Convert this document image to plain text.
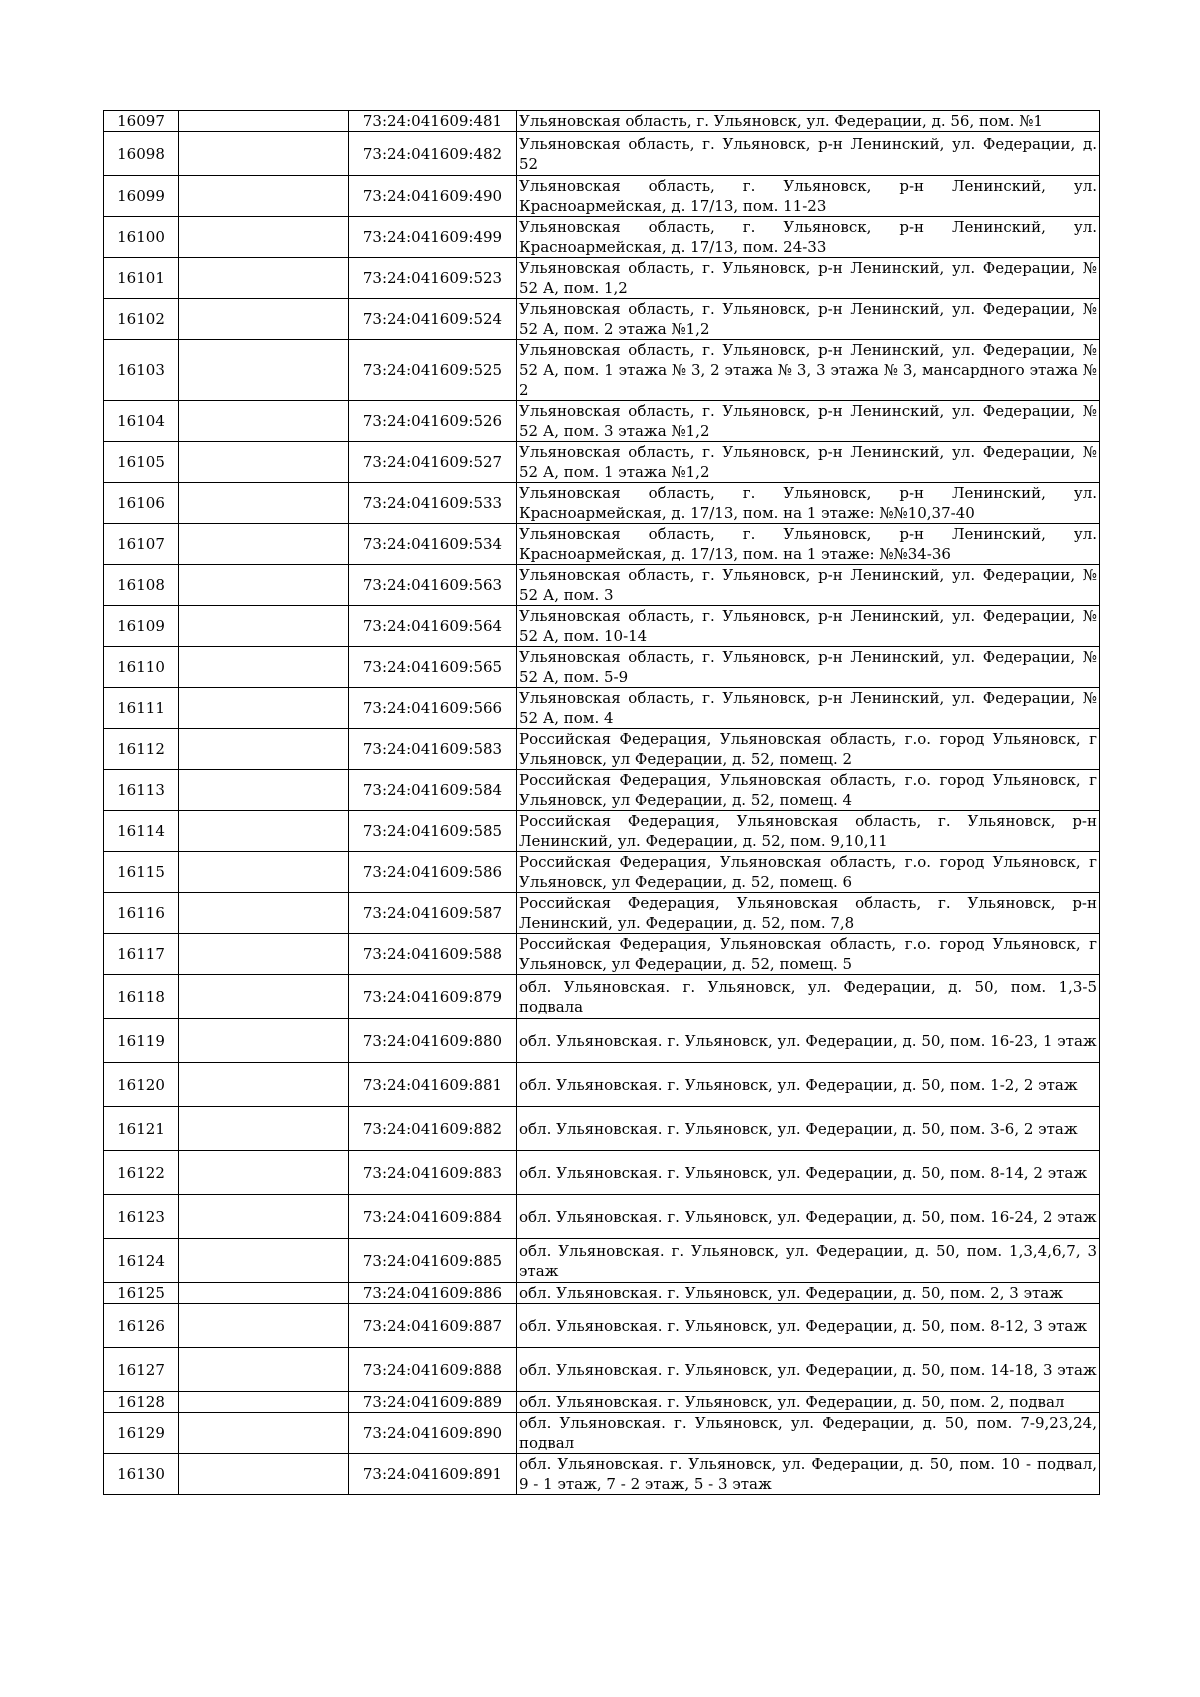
16097		73:24:041609:481	Ульяновская область, г. Ульяновск, ул. Федерации, д. 56, пом. №1
16098		73:24:041609:482	Ульяновская область, г. Ульяновск, р-н Ленинский, ул. Федерации, д. 52
16099		73:24:041609:490	Ульяновская область, г. Ульяновск, р-н Ленинский, ул. Красноармейская, д. 17/13, пом. 11-23
16100		73:24:041609:499	Ульяновская область, г. Ульяновск, р-н Ленинский, ул. Красноармейская, д. 17/13, пом. 24-33
16101		73:24:041609:523	Ульяновская область, г. Ульяновск, р-н Ленинский, ул. Федерации, № 52 А, пом. 1,2
16102		73:24:041609:524	Ульяновская область, г. Ульяновск, р-н Ленинский, ул. Федерации, № 52 А, пом. 2 этажа №1,2
16103		73:24:041609:525	Ульяновская область, г. Ульяновск, р-н Ленинский, ул. Федерации, № 52 А, пом. 1 этажа № 3, 2 этажа № 3, 3 этажа № 3, мансардного этажа № 2
16104		73:24:041609:526	Ульяновская область, г. Ульяновск, р-н Ленинский, ул. Федерации, № 52 А, пом. 3 этажа №1,2
16105		73:24:041609:527	Ульяновская область, г. Ульяновск, р-н Ленинский, ул. Федерации, № 52 А, пом. 1 этажа №1,2
16106		73:24:041609:533	Ульяновская область, г. Ульяновск, р-н Ленинский, ул. Красноармейская, д. 17/13, пом. на 1 этаже: №№10,37-40
16107		73:24:041609:534	Ульяновская область, г. Ульяновск, р-н Ленинский, ул. Красноармейская, д. 17/13, пом. на 1 этаже: №№34-36
16108		73:24:041609:563	Ульяновская область, г. Ульяновск, р-н Ленинский, ул. Федерации, № 52 А, пом. 3
16109		73:24:041609:564	Ульяновская область, г. Ульяновск, р-н Ленинский, ул. Федерации, № 52 А, пом. 10-14
16110		73:24:041609:565	Ульяновская область, г. Ульяновск, р-н Ленинский, ул. Федерации, № 52 А, пом. 5-9
16111		73:24:041609:566	Ульяновская область, г. Ульяновск, р-н Ленинский, ул. Федерации, № 52 А, пом. 4
16112		73:24:041609:583	Российская Федерация, Ульяновская область, г.о. город Ульяновск, г Ульяновск, ул Федерации, д. 52, помещ. 2
16113		73:24:041609:584	Российская Федерация, Ульяновская область, г.о. город Ульяновск, г Ульяновск, ул Федерации, д. 52, помещ. 4
16114		73:24:041609:585	Российская Федерация, Ульяновская область, г. Ульяновск, р-н Ленинский, ул. Федерации, д. 52, пом. 9,10,11
16115		73:24:041609:586	Российская Федерация, Ульяновская область, г.о. город Ульяновск, г Ульяновск, ул Федерации, д. 52, помещ. 6
16116		73:24:041609:587	Российская Федерация, Ульяновская область, г. Ульяновск, р-н Ленинский, ул. Федерации, д. 52, пом. 7,8
16117		73:24:041609:588	Российская Федерация, Ульяновская область, г.о. город Ульяновск, г Ульяновск, ул Федерации, д. 52, помещ. 5
16118		73:24:041609:879	обл. Ульяновская. г. Ульяновск, ул. Федерации, д. 50, пом. 1,3-5 подвала
16119		73:24:041609:880	обл. Ульяновская. г. Ульяновск, ул. Федерации, д. 50, пом. 16-23, 1 этаж
16120		73:24:041609:881	обл. Ульяновская. г. Ульяновск, ул. Федерации, д. 50, пом. 1-2, 2 этаж
16121		73:24:041609:882	обл. Ульяновская. г. Ульяновск, ул. Федерации, д. 50, пом. 3-6, 2 этаж
16122		73:24:041609:883	обл. Ульяновская. г. Ульяновск, ул. Федерации, д. 50, пом. 8-14, 2 этаж
16123		73:24:041609:884	обл. Ульяновская. г. Ульяновск, ул. Федерации, д. 50, пом. 16-24, 2 этаж
16124		73:24:041609:885	обл. Ульяновская. г. Ульяновск, ул. Федерации, д. 50, пом. 1,3,4,6,7, 3 этаж
16125		73:24:041609:886	обл. Ульяновская. г. Ульяновск, ул. Федерации, д. 50, пом. 2, 3 этаж
16126		73:24:041609:887	обл. Ульяновская. г. Ульяновск, ул. Федерации, д. 50, пом. 8-12, 3 этаж
16127		73:24:041609:888	обл. Ульяновская. г. Ульяновск, ул. Федерации, д. 50, пом. 14-18, 3 этаж
16128		73:24:041609:889	обл. Ульяновская. г. Ульяновск, ул. Федерации, д. 50, пом. 2, подвал
16129		73:24:041609:890	обл. Ульяновская. г. Ульяновск, ул. Федерации, д. 50, пом. 7-9,23,24, подвал
16130		73:24:041609:891	обл. Ульяновская. г. Ульяновск, ул. Федерации, д. 50, пом. 10 - подвал, 9 - 1 этаж, 7 - 2 этаж, 5 - 3 этаж
